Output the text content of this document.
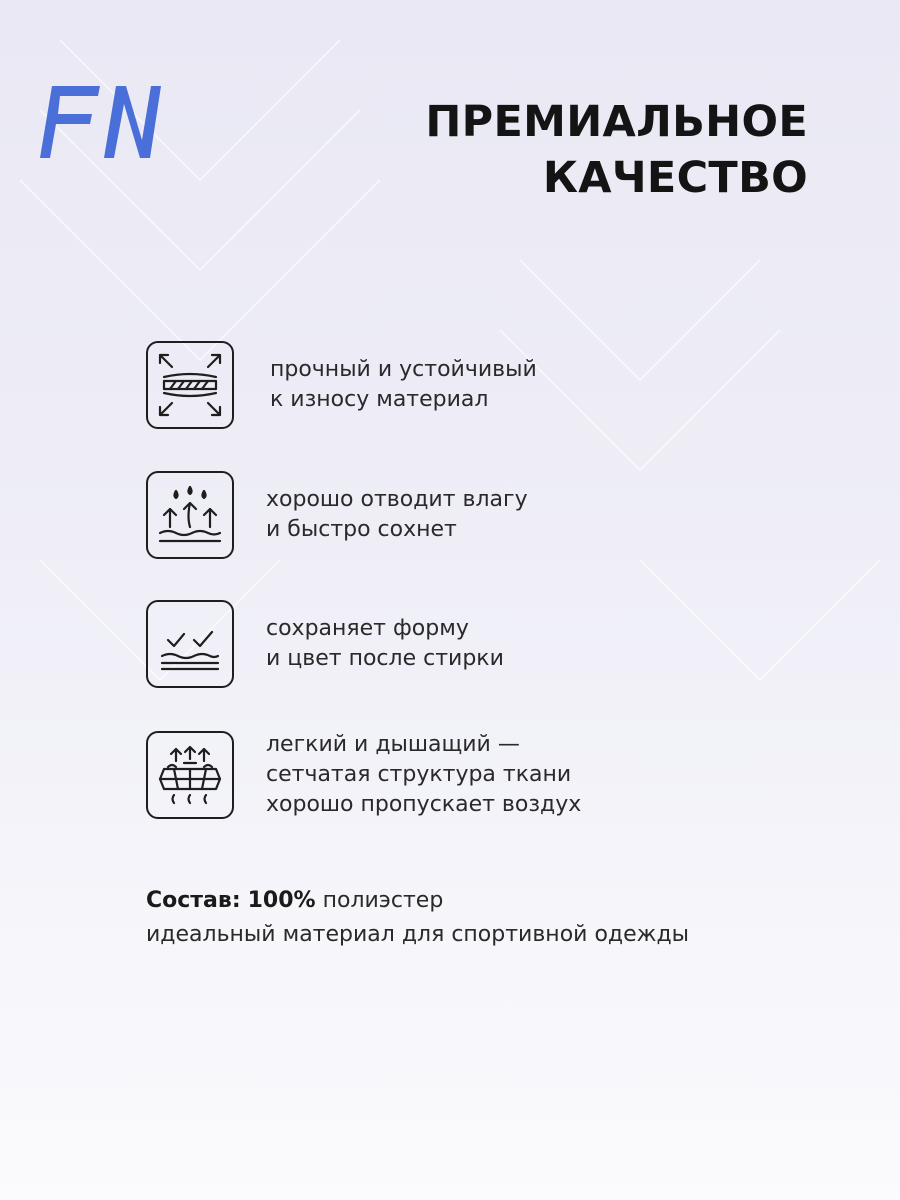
ПРЕМИАЛЬНОЕ
КАЧЕСТВО
прочный и устойчивый
к износу материал
хорошо отводит влагу
и быстро сохнет
сохраняет форму
и цвет после стирки
легкий и дышащий —
сетчатая структура ткани
хорошо пропускает воздух
Состав: 100% полиэстер
идеальный материал для спортивной одежды
